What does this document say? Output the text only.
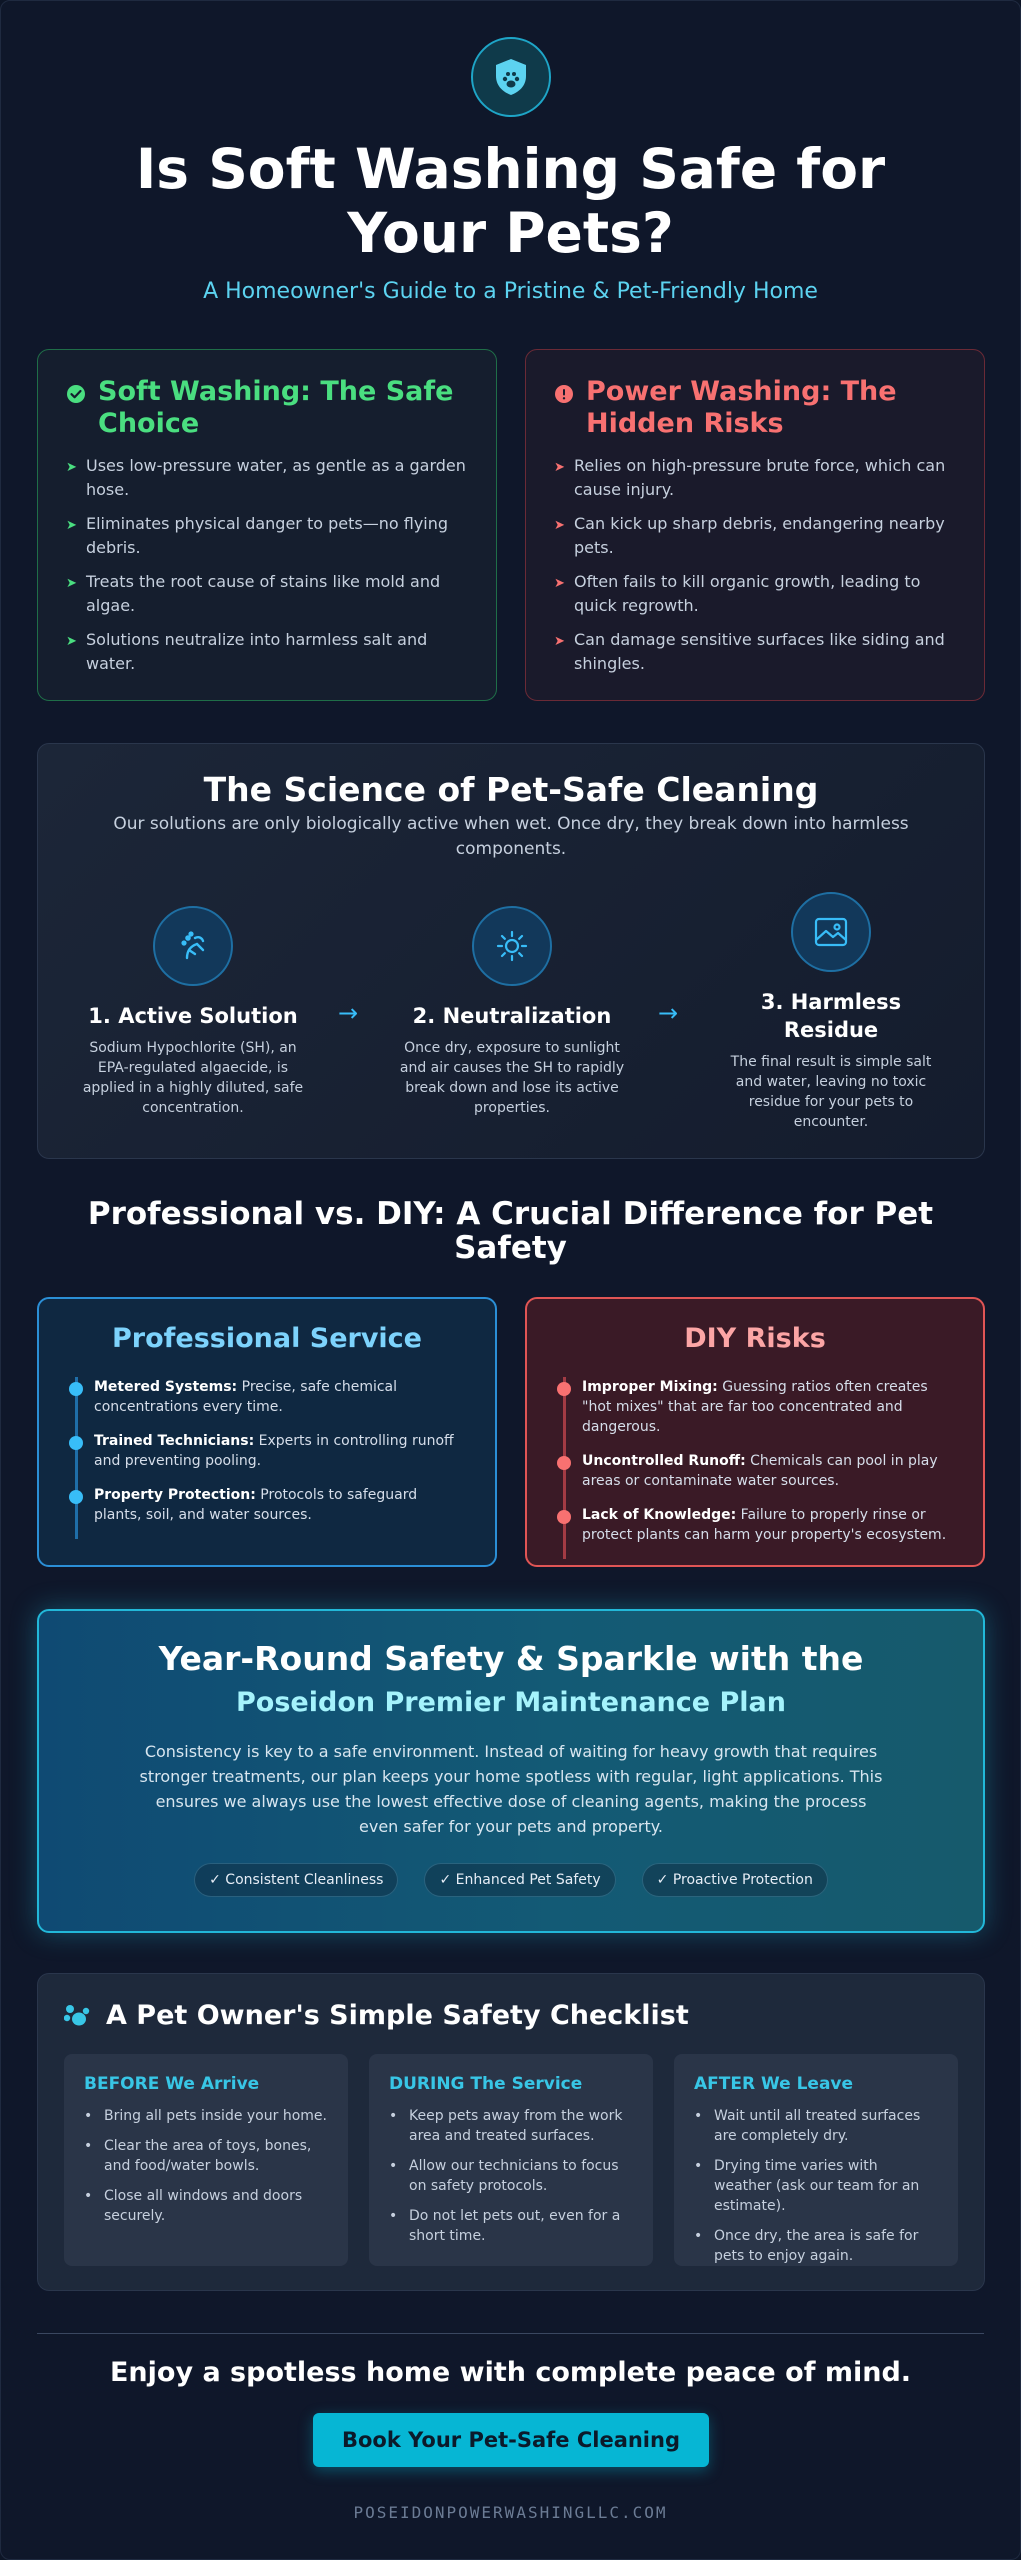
Is Soft Washing Safe for Your Pets?
A Homeowner's Guide to a Pristine & Pet-Friendly Home
Soft Washing: The Safe Choice
➤ Uses low-pressure water, as gentle as a garden hose.
➤ Eliminates physical danger to pets—no flying debris.
➤ Treats the root cause of stains like mold and algae.
➤ Solutions neutralize into harmless salt and water.
Power Washing: The Hidden Risks
➤ Relies on high-pressure brute force, which can cause injury.
➤ Can kick up sharp debris, endangering nearby pets.
➤ Often fails to kill organic growth, leading to quick regrowth.
➤ Can damage sensitive surfaces like siding and shingles.
The Science of Pet-Safe Cleaning
Our solutions are only biologically active when wet. Once dry, they break down into harmless components.
1. Active Solution

Sodium Hypochlorite (SH), an EPA-regulated algaecide, is applied in a highly diluted, safe concentration.

→	2. Neutralization

Once dry, exposure to sunlight and air causes the SH to rapidly break down and lose its active properties.

→	3. Harmless Residue

The final result is simple salt and water, leaving no toxic residue for your pets to encounter.

Professional vs. DIY: A Crucial Difference for Pet Safety
Professional Service
Metered Systems: Precise, safe chemical concentrations every time.
Trained Technicians: Experts in controlling runoff and preventing pooling.
Property Protection: Protocols to safeguard plants, soil, and water sources.
DIY Risks
Improper Mixing: Guessing ratios often creates "hot mixes" that are far too concentrated and dangerous.
Uncontrolled Runoff: Chemicals can pool in play areas or contaminate water sources.
Lack of Knowledge: Failure to properly rinse or protect plants can harm your property's ecosystem.
Year-Round Safety & Sparkle with the
Poseidon Premier Maintenance Plan
Consistency is key to a safe environment. Instead of waiting for heavy growth that requires stronger treatments, our plan keeps your home spotless with regular, light applications. This ensures we always use the lowest effective dose of cleaning agents, making the process even safer for your pets and property.
✓ Consistent Cleanliness	✓ Enhanced Pet Safety	✓ Proactive Protection
A Pet Owner's Simple Safety Checklist
BEFORE We Arrive
• Bring all pets inside your home.
• Clear the area of toys, bones, and food/water bowls.
• Close all windows and doors securely.
DURING The Service
• Keep pets away from the work area and treated surfaces.
• Allow our technicians to focus on safety protocols.
• Do not let pets out, even for a short time.
AFTER We Leave
• Wait until all treated surfaces are completely dry.
• Drying time varies with weather (ask our team for an estimate).
• Once dry, the area is safe for pets to enjoy again.
Enjoy a spotless home with complete peace of mind.
Book Your Pet-Safe Cleaning
POSEIDONPOWERWASHINGLLC.COM
